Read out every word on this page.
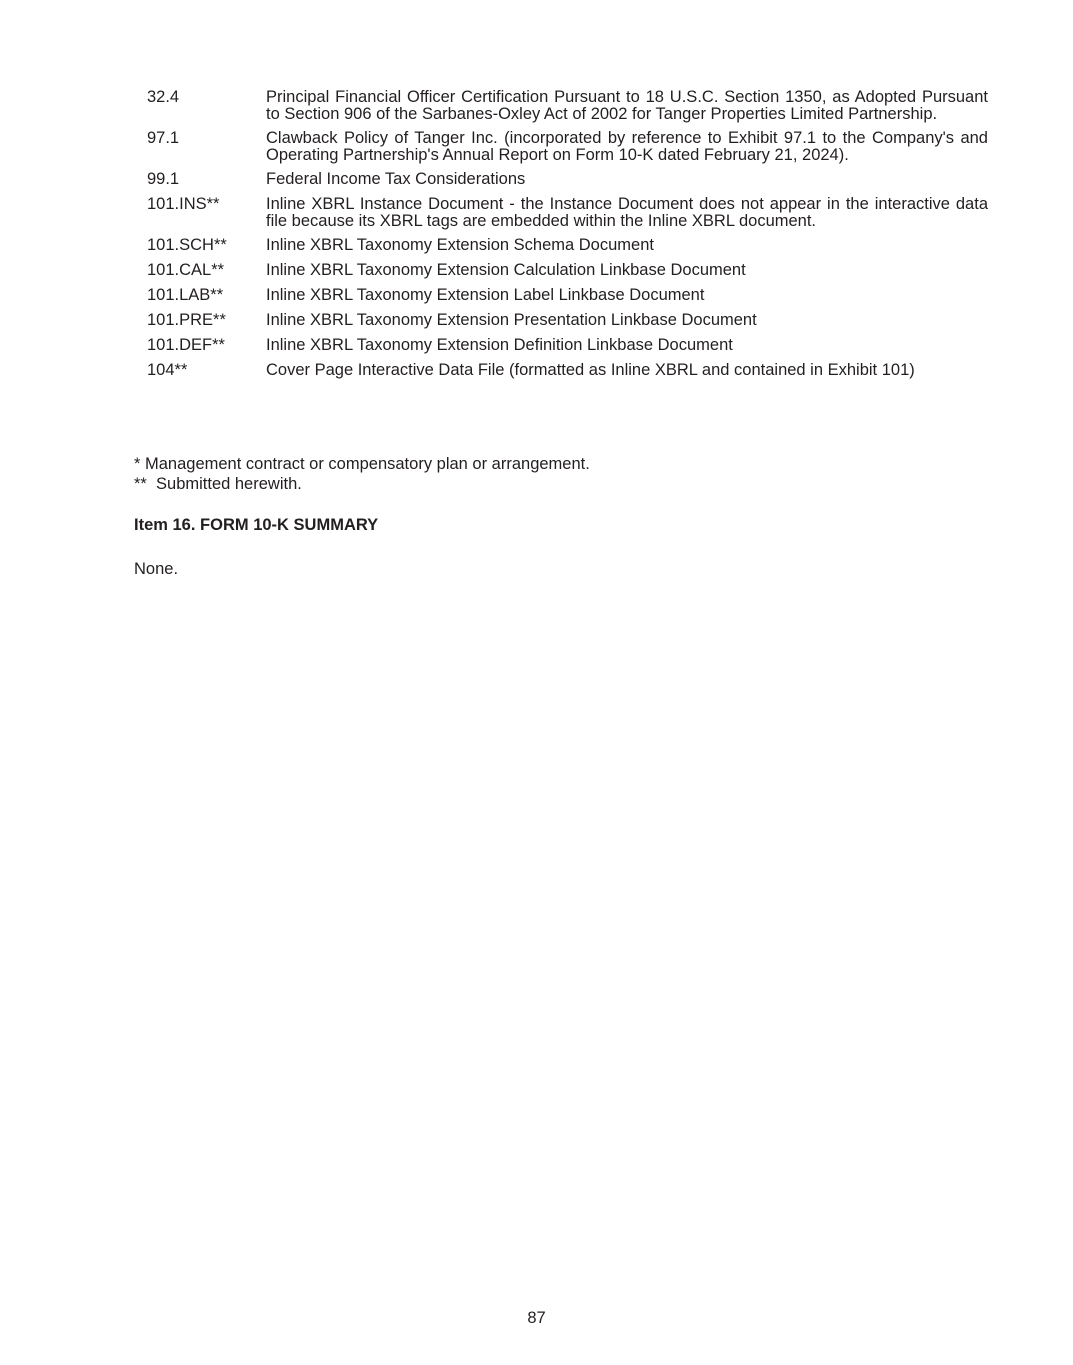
32.4	Principal Financial Officer Certification Pursuant to 18 U.S.C. Section 1350, as Adopted Pursuant to Section 906 of the Sarbanes-Oxley Act of 2002 for Tanger Properties Limited Partnership.
97.1	Clawback Policy of Tanger Inc. (incorporated by reference to Exhibit 97.1 to the Company's and Operating Partnership's Annual Report on Form 10-K dated February 21, 2024).
99.1	Federal Income Tax Considerations
101.INS**	Inline XBRL Instance Document - the Instance Document does not appear in the interactive data file because its XBRL tags are embedded within the Inline XBRL document.
101.SCH**	Inline XBRL Taxonomy Extension Schema Document
101.CAL**	Inline XBRL Taxonomy Extension Calculation Linkbase Document
101.LAB**	Inline XBRL Taxonomy Extension Label Linkbase Document
101.PRE**	Inline XBRL Taxonomy Extension Presentation Linkbase Document
101.DEF**	Inline XBRL Taxonomy Extension Definition Linkbase Document
104**	Cover Page Interactive Data File (formatted as Inline XBRL and contained in Exhibit 101)
* Management contract or compensatory plan or arrangement.
**  Submitted herewith.
Item 16. FORM 10-K SUMMARY
None.
87
